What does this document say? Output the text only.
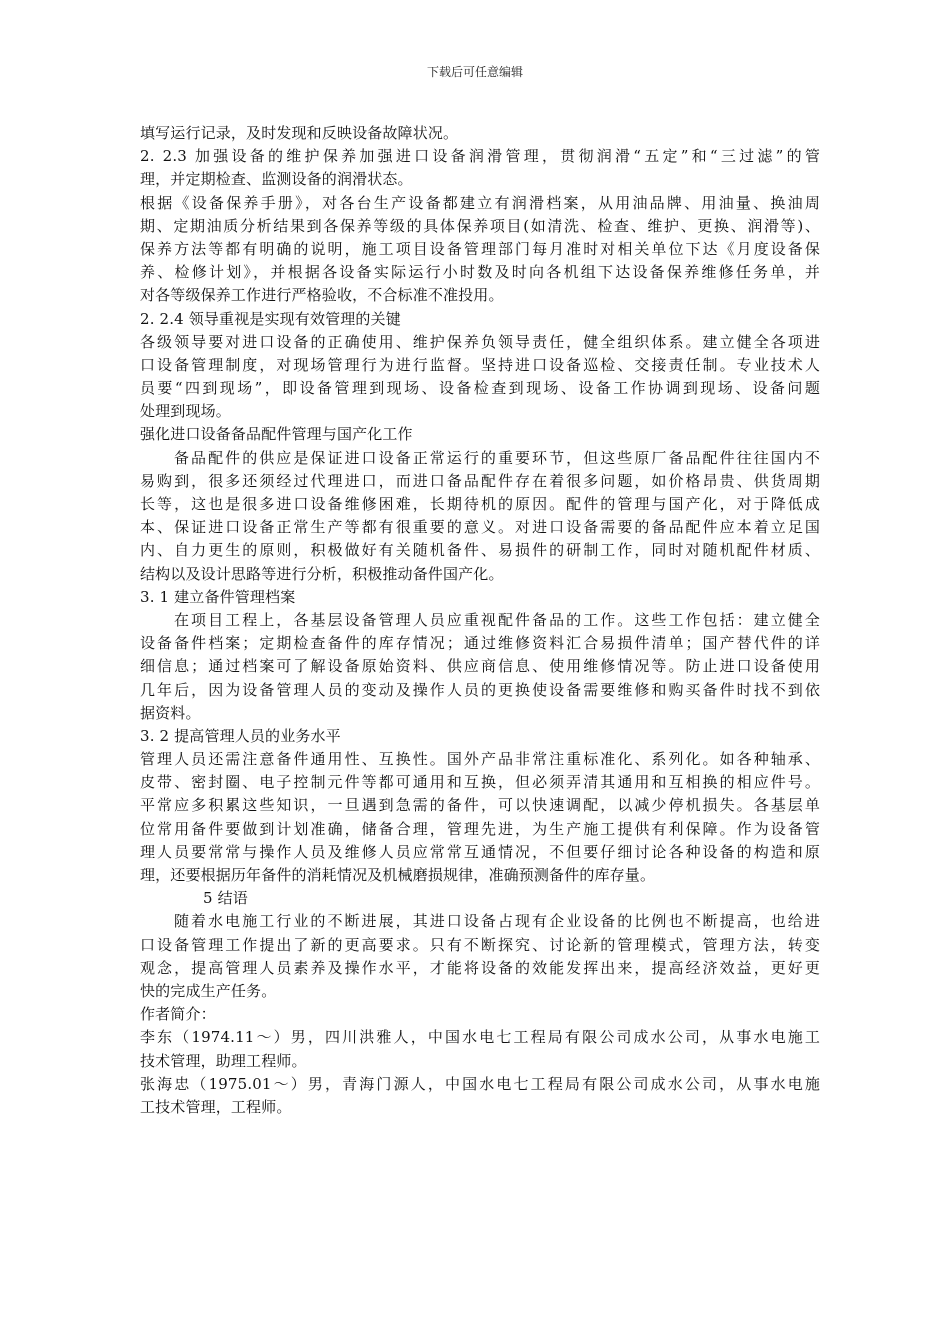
下载后可任意编辑
填写运行记录，及时发现和反映设备故障状况。
2. 2.3 加强设备的维护保养加强进口设备润滑管理，贯彻润滑“五定”和“三过滤”的管
理，并定期检查、监测设备的润滑状态。
根据《设备保养手册》，对各台生产设备都建立有润滑档案，从用油品牌、用油量、换油周
期、定期油质分析结果到各保养等级的具体保养项目(如清洗、检查、维护、更换、润滑等)、
保养方法等都有明确的说明，施工项目设备管理部门每月准时对相关单位下达《月度设备保
养、检修计划》，并根据各设备实际运行小时数及时向各机组下达设备保养维修任务单，并
对各等级保养工作进行严格验收，不合标准不准投用。
2. 2.4 领导重视是实现有效管理的关键
各级领导要对进口设备的正确使用、维护保养负领导责任，健全组织体系。建立健全各项进
口设备管理制度，对现场管理行为进行监督。坚持进口设备巡检、交接责任制。专业技术人
员要“四到现场”，即设备管理到现场、设备检查到现场、设备工作协调到现场、设备问题
处理到现场。
强化进口设备备品配件管理与国产化工作
备品配件的供应是保证进口设备正常运行的重要环节，但这些原厂备品配件往往国内不
易购到，很多还须经过代理进口，而进口备品配件存在着很多问题，如价格昂贵、供货周期
长等，这也是很多进口设备维修困难，长期待机的原因。配件的管理与国产化，对于降低成
本、保证进口设备正常生产等都有很重要的意义。对进口设备需要的备品配件应本着立足国
内、自力更生的原则，积极做好有关随机备件、易损件的研制工作，同时对随机配件材质、
结构以及设计思路等进行分析，积极推动备件国产化。
3. 1 建立备件管理档案
在项目工程上，各基层设备管理人员应重视配件备品的工作。这些工作包括：建立健全
设备备件档案；定期检查备件的库存情况；通过维修资料汇合易损件清单；国产替代件的详
细信息；通过档案可了解设备原始资料、供应商信息、使用维修情况等。防止进口设备使用
几年后，因为设备管理人员的变动及操作人员的更换使设备需要维修和购买备件时找不到依
据资料。
3. 2 提高管理人员的业务水平
管理人员还需注意备件通用性、互换性。国外产品非常注重标准化、系列化。如各种轴承、
皮带、密封圈、电子控制元件等都可通用和互换，但必须弄清其通用和互相换的相应件号。
平常应多积累这些知识，一旦遇到急需的备件，可以快速调配，以减少停机损失。各基层单
位常用备件要做到计划准确，储备合理，管理先进，为生产施工提供有利保障。作为设备管
理人员要常常与操作人员及维修人员应常常互通情况，不但要仔细讨论各种设备的构造和原
理，还要根据历年备件的消耗情况及机械磨损规律，准确预测备件的库存量。
5 结语
随着水电施工行业的不断进展，其进口设备占现有企业设备的比例也不断提高，也给进
口设备管理工作提出了新的更高要求。只有不断探究、讨论新的管理模式，管理方法，转变
观念，提高管理人员素养及操作水平，才能将设备的效能发挥出来，提高经济效益，更好更
快的完成生产任务。
作者简介：
李东（1974.11～）男，四川洪雅人，中国水电七工程局有限公司成水公司，从事水电施工
技术管理，助理工程师。
张海忠（1975.01～）男，青海门源人，中国水电七工程局有限公司成水公司，从事水电施
工技术管理，工程师。
